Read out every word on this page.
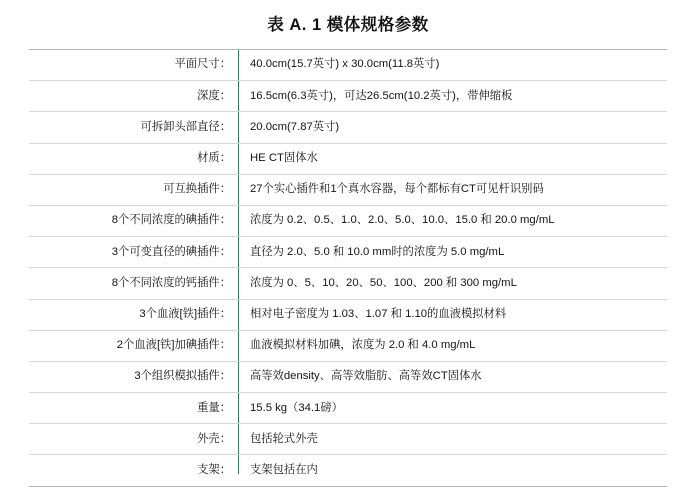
表 A. 1 模体规格参数
平面尺寸：	40.0cm(15.7英寸) x 30.0cm(11.8英寸)
深度：	16.5cm(6.3英寸)，可达26.5cm(10.2英寸)，带伸缩板
可拆卸头部直径：	20.0cm(7.87英寸)
材质：	HE CT固体水
可互换插件：	27个实心插件和1个真水容器，每个都标有CT可见杆识别码
8个不同浓度的碘插件：	浓度为 0.2、0.5、1.0、2.0、5.0、10.0、15.0 和 20.0 mg/mL
3个可变直径的碘插件：	直径为 2.0、5.0 和 10.0 mm时的浓度为 5.0 mg/mL
8个不同浓度的钙插件：	浓度为 0、5、10、20、50、100、200 和 300 mg/mL
3个血液[铁]插件：	相对电子密度为 1.03、1.07 和 1.10的血液模拟材料
2个血液[铁]加碘插件：	血液模拟材料加碘，浓度为 2.0 和 4.0 mg/mL
3个组织模拟插件：	高等效density、高等效脂肪、高等效CT固体水
重量：	15.5 kg（34.1磅）
外壳：	包括轮式外壳
支架：	支架包括在内
